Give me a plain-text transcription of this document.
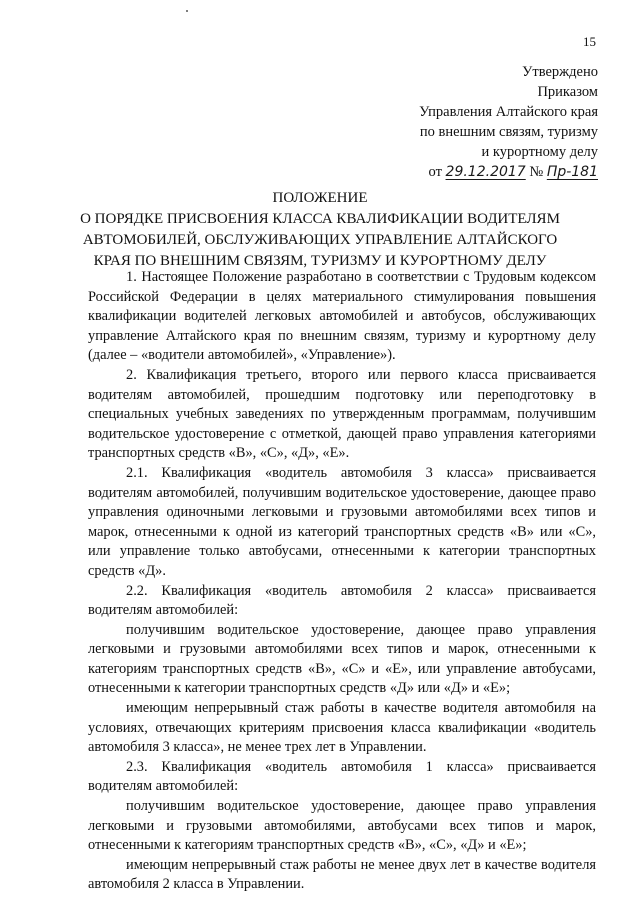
15
Утверждено
Приказом
Управления Алтайского края
по внешним связям, туризму
и курортному делу
от 29.12.2017 № Пр-181
ПОЛОЖЕНИЕ
О ПОРЯДКЕ ПРИСВОЕНИЯ КЛАССА КВАЛИФИКАЦИИ ВОДИТЕЛЯМ
АВТОМОБИЛЕЙ, ОБСЛУЖИВАЮЩИХ УПРАВЛЕНИЕ АЛТАЙСКОГО
КРАЯ ПО ВНЕШНИМ СВЯЗЯМ, ТУРИЗМУ И КУРОРТНОМУ ДЕЛУ

1. Настоящее Положение разработано в соответствии с Трудовым кодексом Российской Федерации в целях материального стимулирования повышения квалификации водителей легковых автомобилей и автобусов, обслуживающих управление Алтайского края по внешним связям, туризму и курортному делу (далее – «водители автомобилей», «Управление»).

2. Квалификация третьего, второго или первого класса присваивается водителям автомобилей, прошедшим подготовку или переподготовку в специальных учебных заведениях по утвержденным программам, получившим водительское удостоверение с отметкой, дающей право управления категориями транспортных средств «В», «С», «Д», «Е».

2.1. Квалификация «водитель автомобиля 3 класса» присваивается водителям автомобилей, получившим водительское удостоверение, дающее право управления одиночными легковыми и грузовыми автомобилями всех типов и марок, отнесенными к одной из категорий транспортных средств «В» или «С», или управление только автобусами, отнесенными к категории транспортных средств «Д».

2.2. Квалификация «водитель автомобиля 2 класса» присваивается водителям автомобилей:

получившим водительское удостоверение, дающее право управления легковыми и грузовыми автомобилями всех типов и марок, отнесенными к категориям транспортных средств «В», «С» и «Е», или управление автобусами, отнесенными к категории транспортных средств «Д» или «Д» и «Е»;

имеющим непрерывный стаж работы в качестве водителя автомобиля на условиях, отвечающих критериям присвоения класса квалификации «водитель автомобиля 3 класса», не менее трех лет в Управлении.

2.3. Квалификация «водитель автомобиля 1 класса» присваивается водителям автомобилей:

получившим водительское удостоверение, дающее право управления легковыми и грузовыми автомобилями, автобусами всех типов и марок, отнесенными к категориям транспортных средств «В», «С», «Д» и «Е»;

имеющим непрерывный стаж работы не менее двух лет в качестве водителя автомобиля 2 класса в Управлении.
